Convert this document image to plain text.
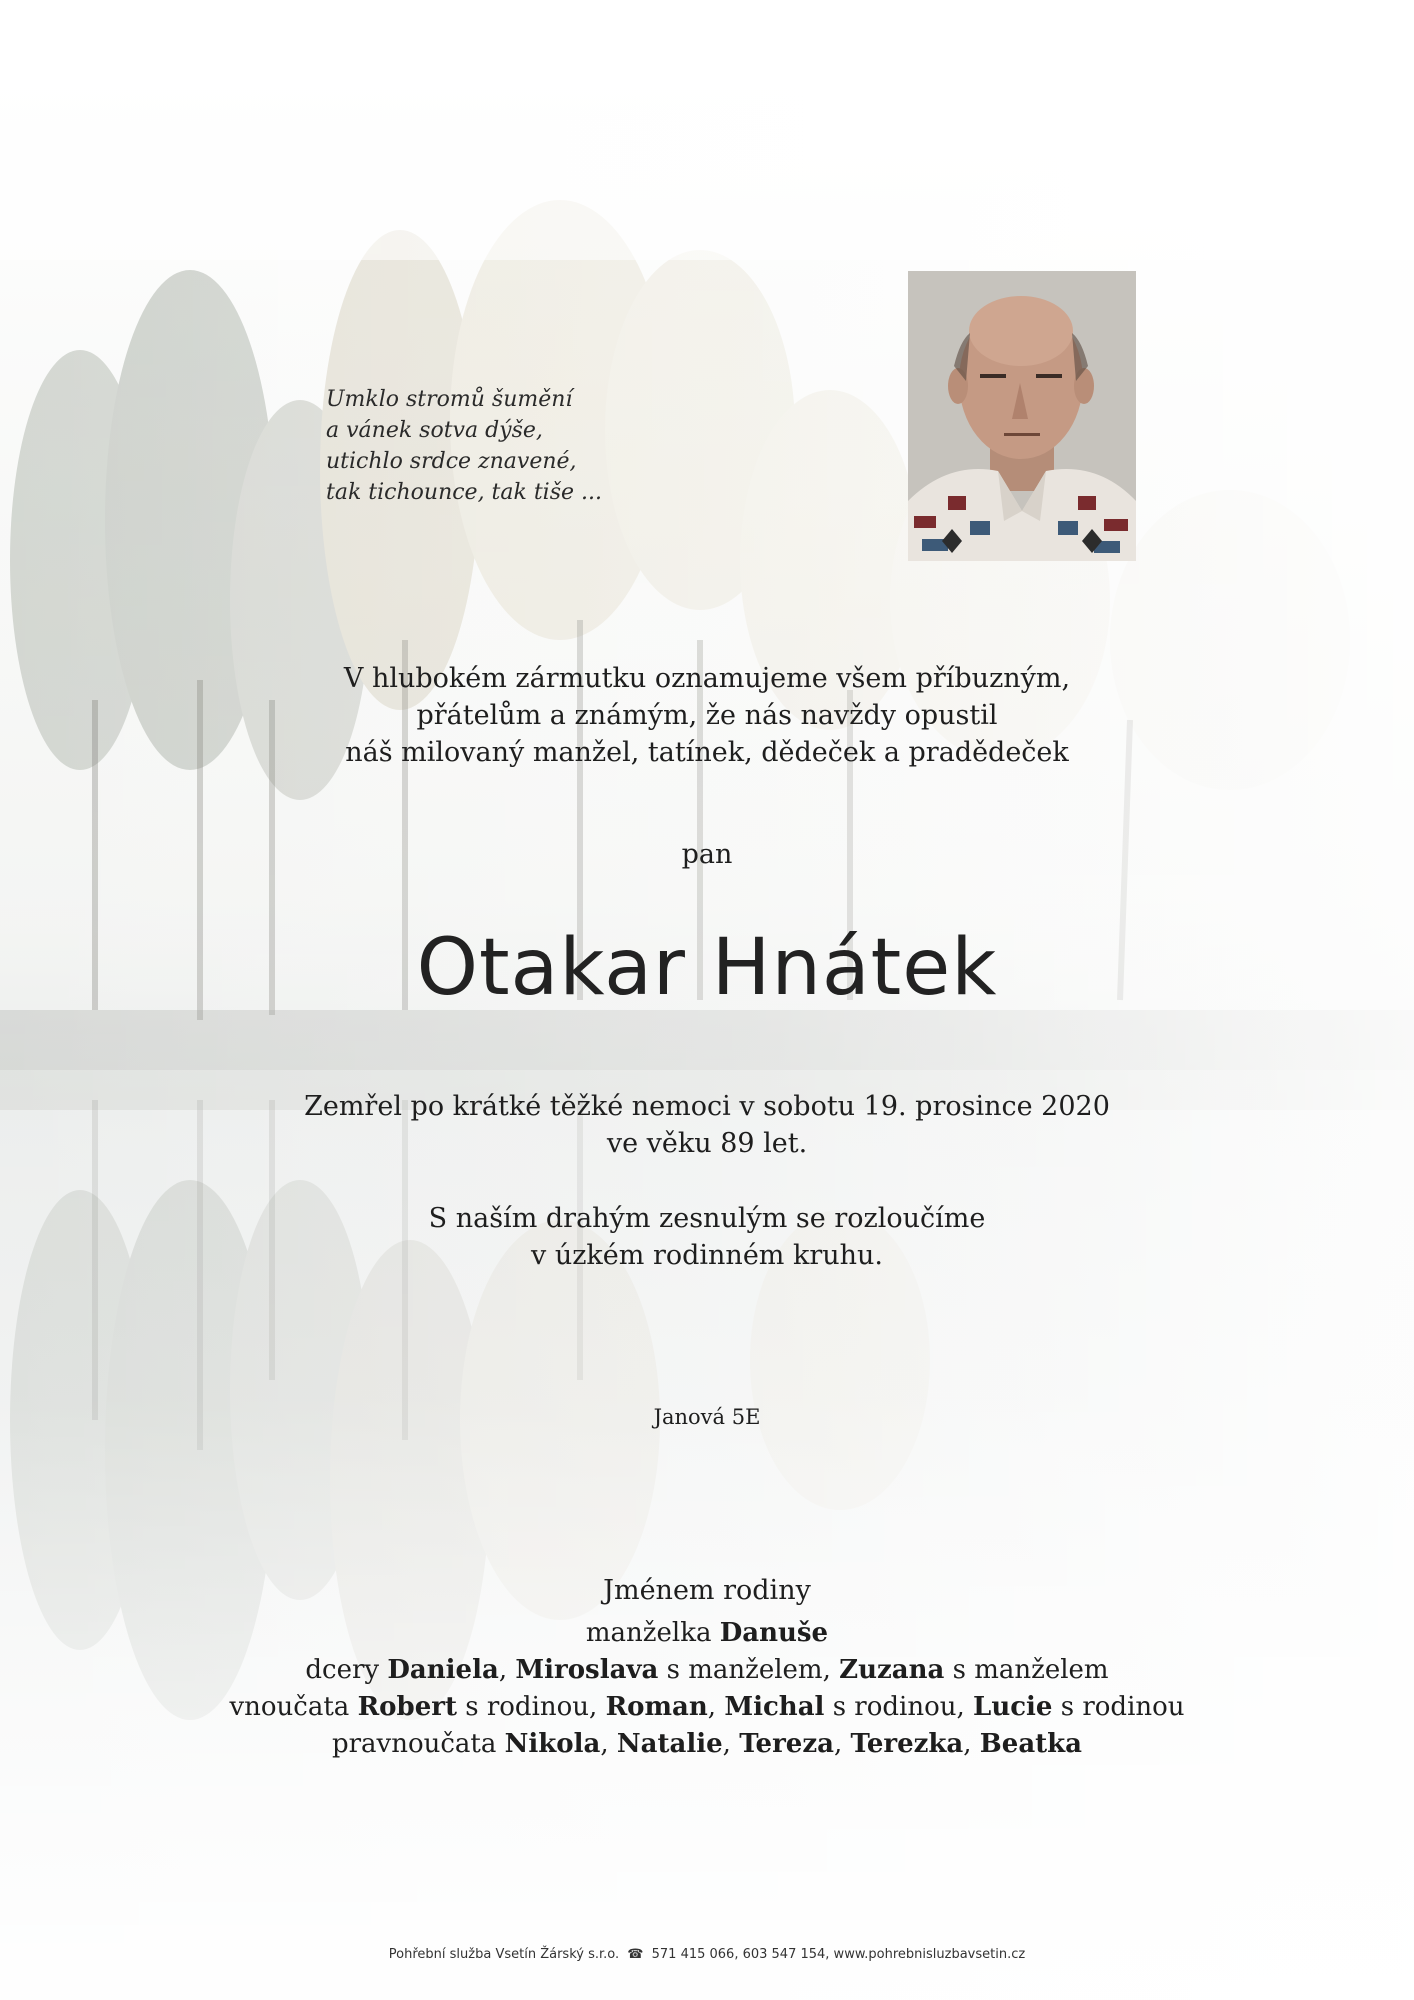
Umklo stromů šumění
a vánek sotva dýše,
utichlo srdce znavené,
tak tichounce, tak tiše ...
V hlubokém zármutku oznamujeme všem příbuzným,
přátelům a známým, že nás navždy opustil
náš milovaný manžel, tatínek, dědeček a pradědeček
pan
Otakar Hnátek
Zemřel po krátké těžké nemoci v sobotu 19. prosince 2020
ve věku 89 let.
S naším drahým zesnulým se rozloučíme
v úzkém rodinném kruhu.
Janová 5E
Jménem rodiny
manželka Danuše
dcery Daniela, Miroslava s manželem, Zuzana s manželem
vnoučata Robert s rodinou, Roman, Michal s rodinou, Lucie s rodinou
pravnoučata Nikola, Natalie, Tereza, Terezka, Beatka
Pohřební služba Vsetín Žárský s.r.o. ☎ 571 415 066, 603 547 154, www.pohrebnisluzbavsetin.cz
